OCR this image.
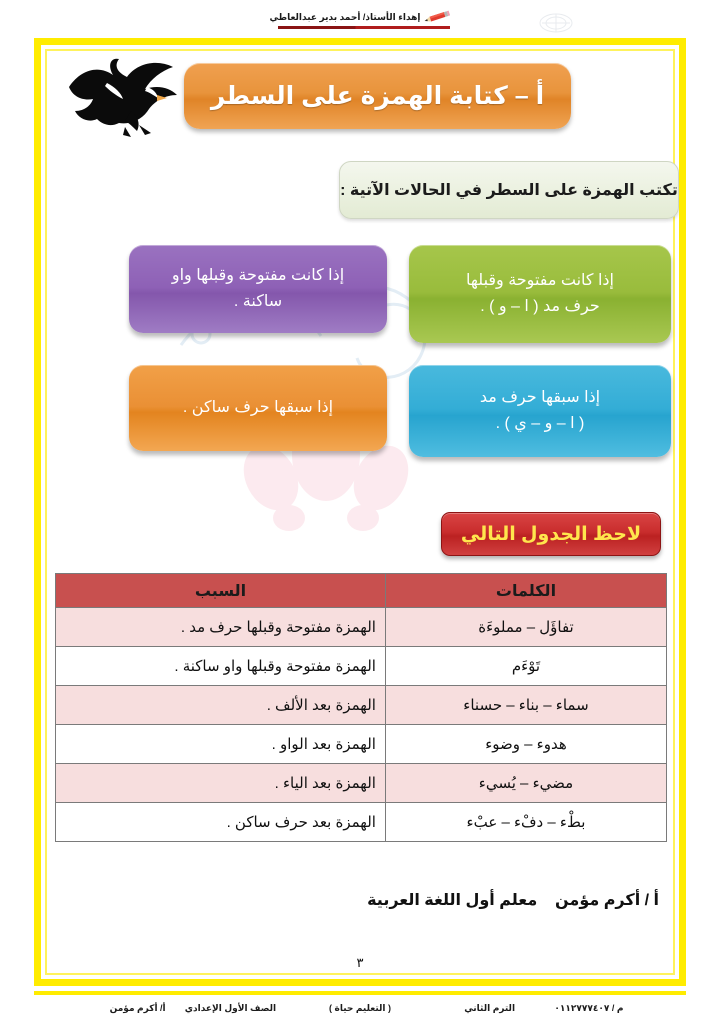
إهداء الأستاذ/ أحمد بدير عبدالعاطي
أ – كتابة الهمزة على السطر
تكتب الهمزة على السطر في الحالات الآتية :
إذا كانت مفتوحة وقبلها
حرف مد ( ا – و ) .
إذا كانت مفتوحة وقبلها واو
ساكنة .
إذا سبقها حرف مد
( ا – و – ي ) .
إذا سبقها حرف ساكن .
لاحظ الجدول التالي
الكلمات	السبب
تفاؤَل – مملوءَة	الهمزة مفتوحة وقبلها حرف مد .
تَوْءَم	الهمزة مفتوحة وقبلها واو ساكنة .
سماء – بناء – حسناء	الهمزة بعد الألف .
هدوء – وضوء	الهمزة بعد الواو .
مضيء – يُسيء	الهمزة بعد الياء .
بطْء – دفْء – عبْء	الهمزة بعد حرف ساكن .
أ / أكرم مؤمن    معلم أول اللغة العربية
٣
م / ٠١١٢٧٧٧٤٠٧
الترم الثاني
( التعليم حياة )
الصف الأول الإعدادي
أ/ أكرم مؤمن
